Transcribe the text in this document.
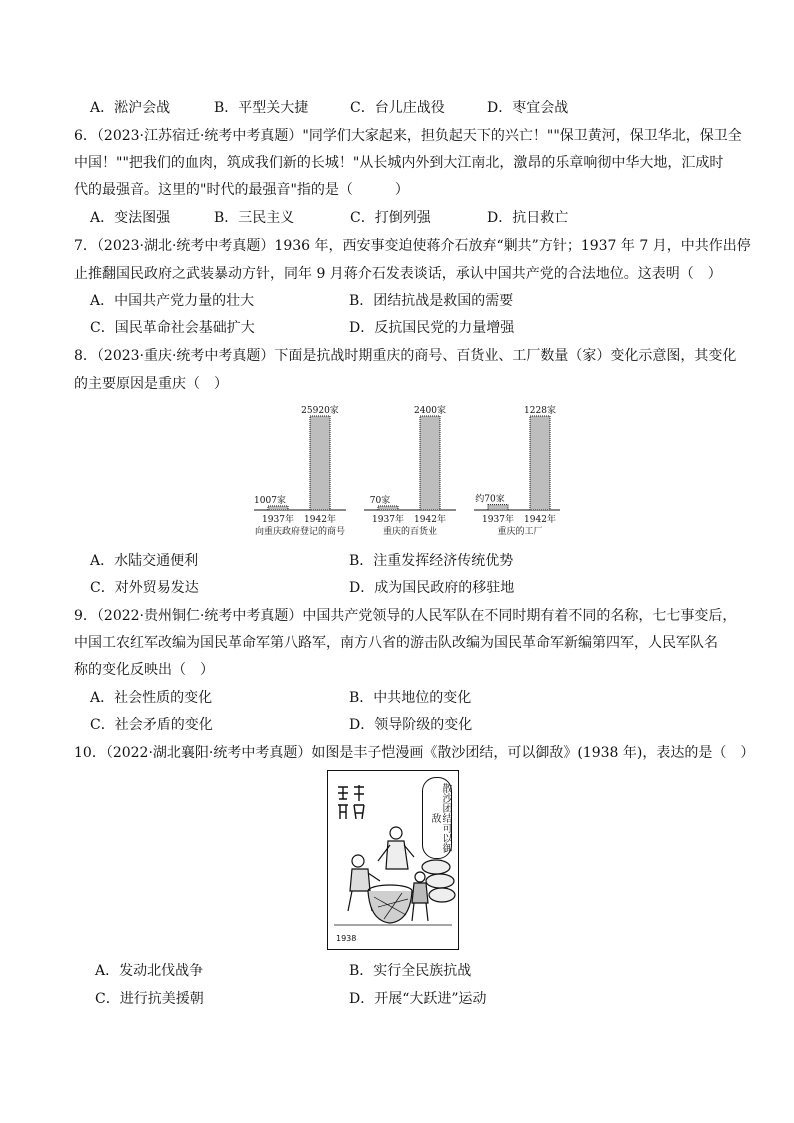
A．淞沪会战	B．平型关大捷	C．台儿庄战役	D．枣宜会战
6．（2023·江苏宿迁·统考中考真题）"同学们大家起来，担负起天下的兴亡！""保卫黄河，保卫华北，保卫全
中国！""把我们的血肉，筑成我们新的长城！"从长城内外到大江南北，激昂的乐章响彻中华大地，汇成时
代的最强音。这里的"时代的最强音"指的是（　　　）
A．变法图强	B．三民主义	C．打倒列强	D．抗日救亡
7．（2023·湖北·统考中考真题）1936 年，西安事变迫使蒋介石放弃“剿共”方针；1937 年 7 月，中共作出停
止推翻国民政府之武装暴动方针，同年 9 月蒋介石发表谈话，承认中国共产党的合法地位。这表明（　）
A．中国共产党力量的壮大	B．团结抗战是救国的需要
C．国民革命社会基础扩大	D．反抗国民党的力量增强
8．（2023·重庆·统考中考真题）下面是抗战时期重庆的商号、百货业、工厂数量（家）变化示意图，其变化
的主要原因是重庆（　）
1007家
1937年
25920家
1942年
向重庆政府登记的商号
70家
1937年
2400家
1942年
重庆的百货业
约70家
1937年
1228家
1942年
重庆的工厂
A．水陆交通便利	B．注重发挥经济传统优势
C．对外贸易发达	D．成为国民政府的移驻地
9．（2022·贵州铜仁·统考中考真题）中国共产党领导的人民军队在不同时期有着不同的名称，七七事变后，
中国工农红军改编为国民革命军第八路军，南方八省的游击队改编为国民革命军新编第四军，人民军队名
称的变化反映出（　）
A．社会性质的变化	B．中共地位的变化
C．社会矛盾的变化	D．领导阶级的变化
10．（2022·湖北襄阳·统考中考真题）如图是丰子恺漫画《散沙团结，可以御敌》(1938 年)，表达的是（　）
散沙团结可以御敌
1938
A．发动北伐战争	B．实行全民族抗战
C．进行抗美援朝	D．开展“大跃进”运动
